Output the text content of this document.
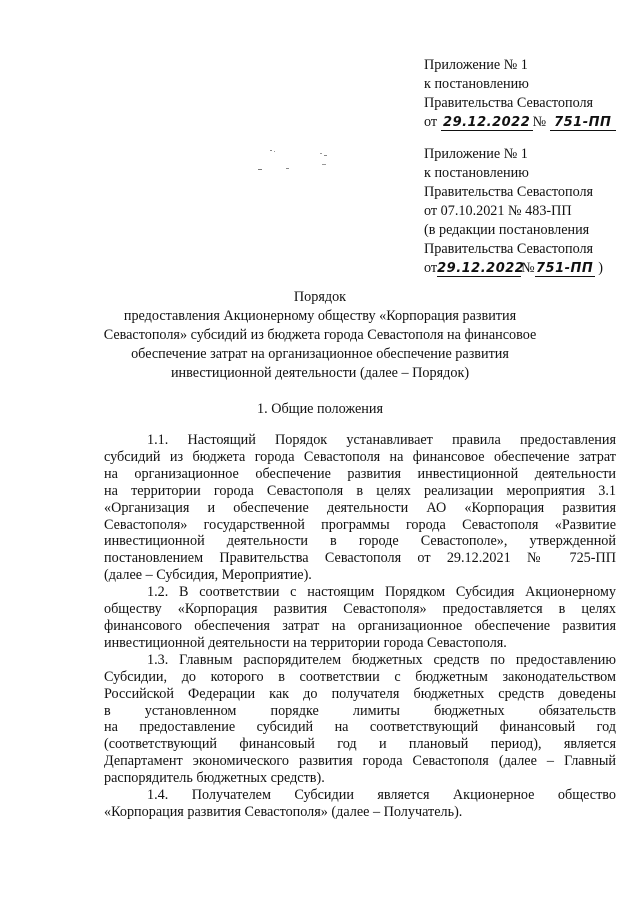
Приложение № 1
к постановлению
Правительства Севастополя
от 29.12.2022 № 751-ПП
Приложение № 1
к постановлению
Правительства Севастополя
от 07.10.2021 № 483-ПП
(в редакции постановления
Правительства Севастополя
от29.12.2022№751-ПП )
Порядок
предоставления Акционерному обществу «Корпорация развития
Севастополя» субсидий из бюджета города Севастополя на финансовое
обеспечение затрат на организационное обеспечение развития
инвестиционной деятельности (далее – Порядок)
1. Общие положения
1.1. Настоящий Порядок устанавливает правила предоставления
субсидий из бюджета города Севастополя на финансовое обеспечение затрат
на организационное обеспечение развития инвестиционной деятельности
на территории города Севастополя в целях реализации мероприятия 3.1
«Организация и обеспечение деятельности АО «Корпорация развития
Севастополя» государственной программы города Севастополя «Развитие
инвестиционной деятельности в городе Севастополе», утвержденной
постановлением Правительства Севастополя от 29.12.2021 № 725-ПП
(далее – Субсидия, Мероприятие).
1.2. В соответствии с настоящим Порядком Субсидия Акционерному
обществу «Корпорация развития Севастополя» предоставляется в целях
финансового обеспечения затрат на организационное обеспечение развития
инвестиционной деятельности на территории города Севастополя.
1.3. Главным распорядителем бюджетных средств по предоставлению
Субсидии, до которого в соответствии с бюджетным законодательством
Российской Федерации как до получателя бюджетных средств доведены
в установленном порядке лимиты бюджетных обязательств
на предоставление субсидий на соответствующий финансовый год
(соответствующий финансовый год и плановый период), является
Департамент экономического развития города Севастополя (далее – Главный
распорядитель бюджетных средств).
1.4. Получателем Субсидии является Акционерное общество
«Корпорация развития Севастополя» (далее – Получатель).
